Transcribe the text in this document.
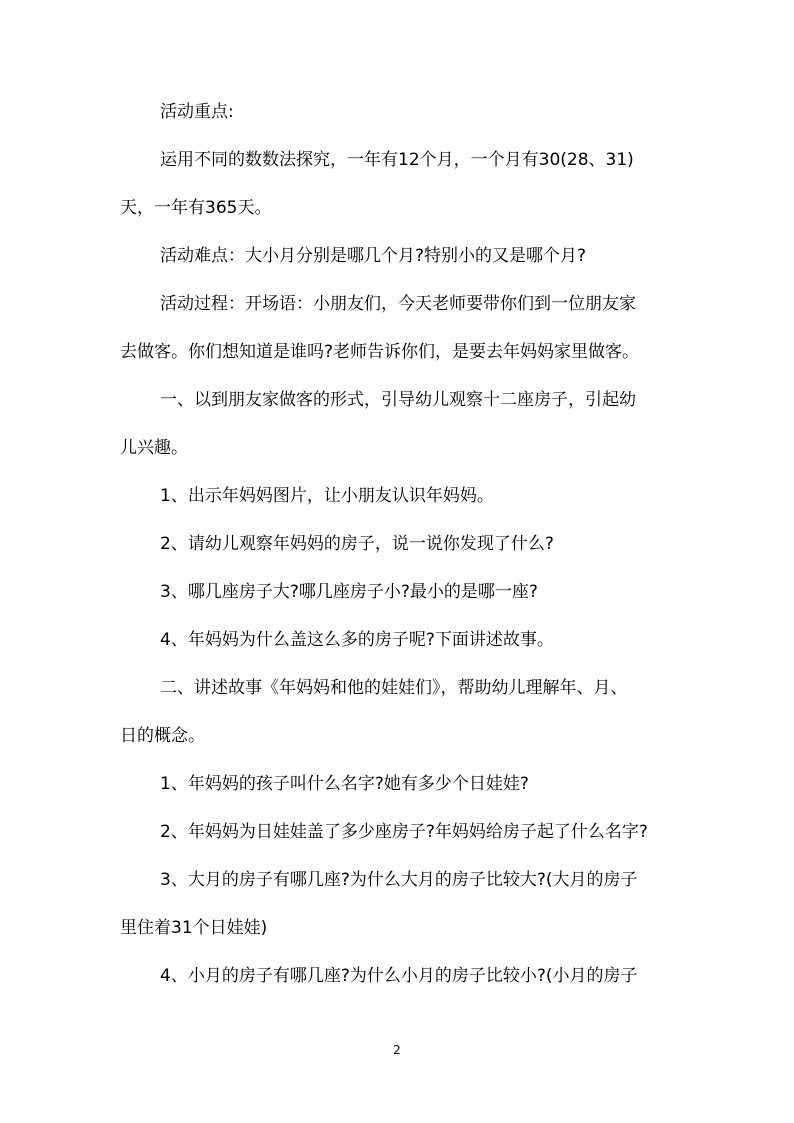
活动重点:
运用不同的数数法探究，一年有12个月，一个月有30(28、31)
天，一年有365天。
活动难点：大小月分别是哪几个月?特别小的又是哪个月?
活动过程：开场语：小朋友们，今天老师要带你们到一位朋友家
去做客。你们想知道是谁吗?老师告诉你们，是要去年妈妈家里做客。
一、以到朋友家做客的形式，引导幼儿观察十二座房子，引起幼
儿兴趣。
1、出示年妈妈图片，让小朋友认识年妈妈。
2、请幼儿观察年妈妈的房子，说一说你发现了什么?
3、哪几座房子大?哪几座房子小?最小的是哪一座?
4、年妈妈为什么盖这么多的房子呢?下面讲述故事。
二、讲述故事《年妈妈和他的娃娃们》，帮助幼儿理解年、月、
日的概念。
1、年妈妈的孩子叫什么名字?她有多少个日娃娃?
2、年妈妈为日娃娃盖了多少座房子?年妈妈给房子起了什么名字?
3、大月的房子有哪几座?为什么大月的房子比较大?(大月的房子
里住着31个日娃娃)
4、小月的房子有哪几座?为什么小月的房子比较小?(小月的房子
2
